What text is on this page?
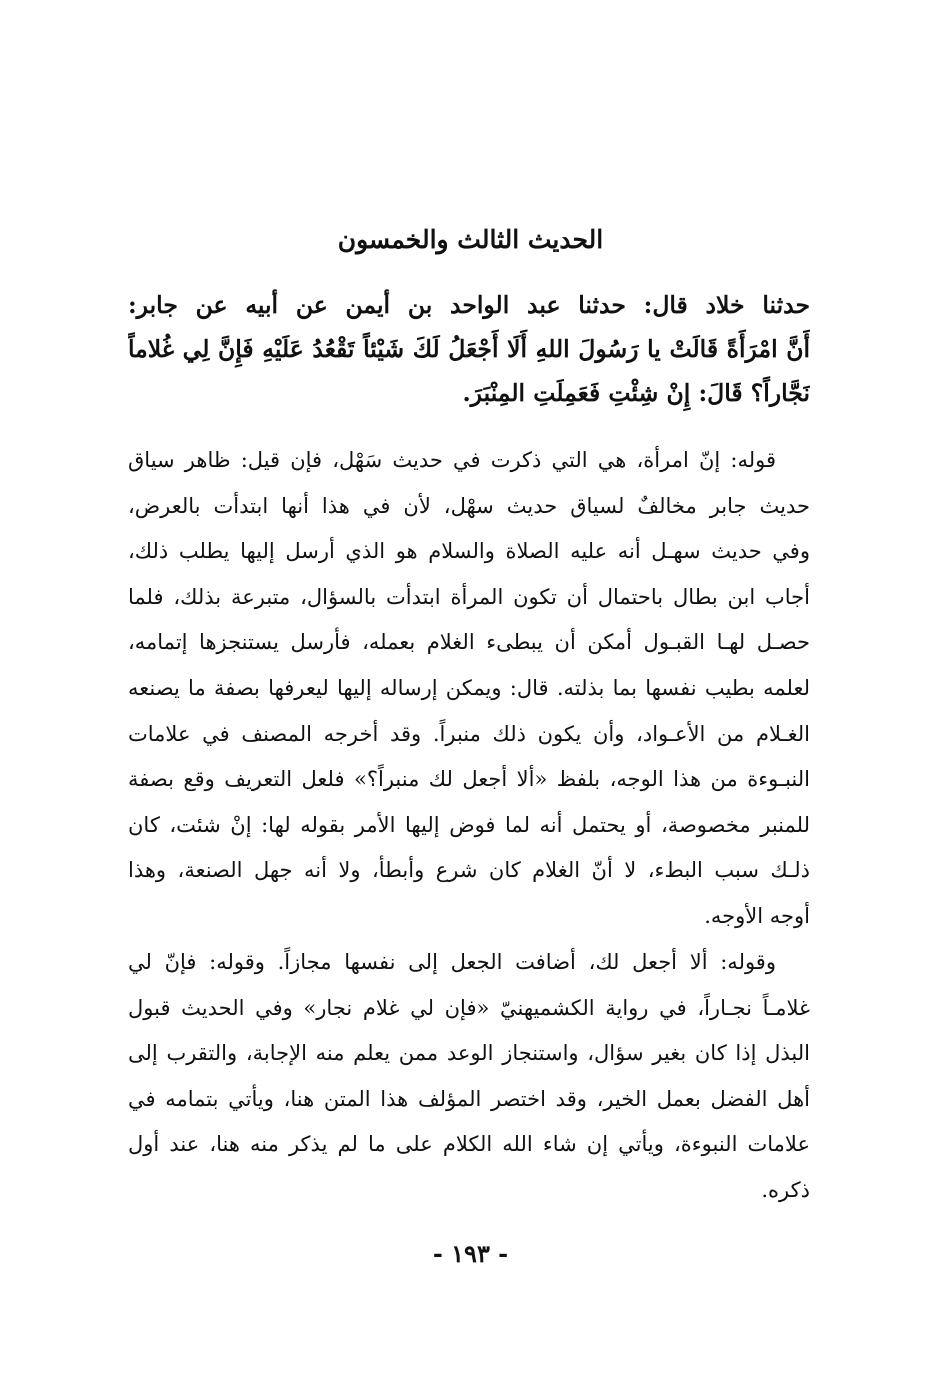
الحديث الثالث والخمسون
حدثنا خلاد قال: حدثنا عبد الواحد بن أيمن عن أبيه عن جابر:
أَنَّ امْرَأَةً قَالَتْ يا رَسُولَ اللهِ أَلَا أَجْعَلُ لَكَ شَيْئاً تَقْعُدُ عَلَيْهِ فَإِنَّ لِي غُلاماً
نَجَّاراً؟ قَالَ: إِنْ شِئْتِ فَعَمِلَتِ المِنْبَرَ.
قوله: إنّ امرأة، هي التي ذكرت في حديث سَهْل، فإن قيل: ظاهر سياق
حديث جابر مخالفٌ لسياق حديث سهْل، لأن في هذا أنها ابتدأت بالعرض،
وفي حديث سهـل أنه عليه الصلاة والسلام هو الذي أرسل إليها يطلب ذلك،
أجاب ابن بطال باحتمال أن تكون المرأة ابتدأت بالسؤال، متبرعة بذلك، فلما
حصـل لهـا القبـول أمكن أن يبطىء الغلام بعمله، فأرسل يستنجزها إتمامه،
لعلمه بطيب نفسها بما بذلته. قال: ويمكن إرساله إليها ليعرفها بصفة ما يصنعه
الغـلام من الأعـواد، وأن يكون ذلك منبراً. وقد أخرجه المصنف في علامات
النبـوءة من هذا الوجه، بلفظ «ألا أجعل لك منبراً؟» فلعل التعريف وقع بصفة
للمنبر مخصوصة، أو يحتمل أنه لما فوض إليها الأمر بقوله لها: إنْ شئت، كان
ذلـك سبب البطء، لا أنّ الغلام كان شرع وأبطأ، ولا أنه جهل الصنعة، وهذا
أوجه الأوجه.
وقوله: ألا أجعل لك، أضافت الجعل إلى نفسها مجازاً. وقوله: فإنّ لي
غلامـاً نجـاراً، في رواية الكشميهنيّ «فإن لي غلام نجار» وفي الحديث قبول
البذل إذا كان بغير سؤال، واستنجاز الوعد ممن يعلم منه الإجابة، والتقرب إلى
أهل الفضل بعمل الخير، وقد اختصر المؤلف هذا المتن هنا، ويأتي بتمامه في
علامات النبوءة، ويأتي إن شاء الله الكلام على ما لم يذكر منه هنا، عند أول
ذكره.
- ١٩٣ -
